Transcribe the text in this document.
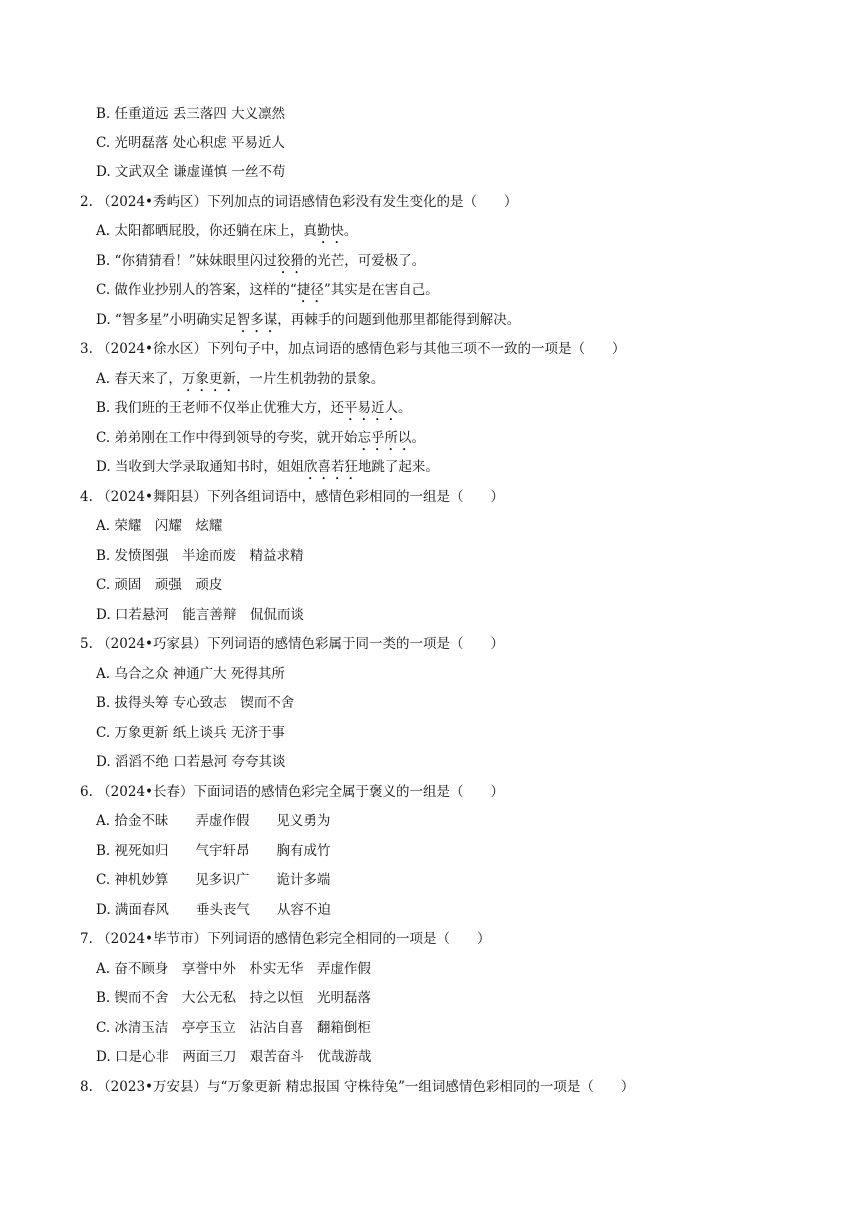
B. 任重道远 丢三落四 大义凛然
C. 光明磊落 处心积虑 平易近人
D. 文武双全 谦虚谨慎 一丝不苟
2. （2024•秀屿区）下列加点的词语感情色彩没有发生变化的是（　　）
A. 太阳都晒屁股，你还躺在床上，真勤快。
B. “你猜猜看！”妹妹眼里闪过狡猾的光芒，可爱极了。
C. 做作业抄别人的答案，这样的“捷径”其实是在害自己。
D. “智多星”小明确实足智多谋，再棘手的问题到他那里都能得到解决。
3. （2024•徐水区）下列句子中，加点词语的感情色彩与其他三项不一致的一项是（　　）
A. 春天来了，万象更新，一片生机勃勃的景象。
B. 我们班的王老师不仅举止优雅大方，还平易近人。
C. 弟弟刚在工作中得到领导的夸奖，就开始忘乎所以。
D. 当收到大学录取通知书时，姐姐欣喜若狂地跳了起来。
4. （2024•舞阳县）下列各组词语中，感情色彩相同的一组是（　　）
A. 荣耀　闪耀　炫耀
B. 发愤图强　半途而废　精益求精
C. 顽固　顽强　顽皮
D. 口若悬河　能言善辩　侃侃而谈
5. （2024•巧家县）下列词语的感情色彩属于同一类的一项是（　　）
A. 乌合之众 神通广大 死得其所
B. 拔得头筹 专心致志　锲而不舍
C. 万象更新 纸上谈兵 无济于事
D. 滔滔不绝 口若悬河 夸夸其谈
6. （2024•长春）下面词语的感情色彩完全属于褒义的一组是（　　）
A. 拾金不昧　　弄虚作假　　见义勇为
B. 视死如归　　气宇轩昂　　胸有成竹
C. 神机妙算　　见多识广　　诡计多端
D. 满面春风　　垂头丧气　　从容不迫
7. （2024•毕节市）下列词语的感情色彩完全相同的一项是（　　）
A. 奋不顾身　享誉中外　朴实无华　弄虚作假
B. 锲而不舍　大公无私　持之以恒　光明磊落
C. 冰清玉洁　亭亭玉立　沾沾自喜　翻箱倒柜
D. 口是心非　两面三刀　艰苦奋斗　优哉游哉
8. （2023•万安县）与“万象更新 精忠报国 守株待兔”一组词感情色彩相同的一项是（　　）
